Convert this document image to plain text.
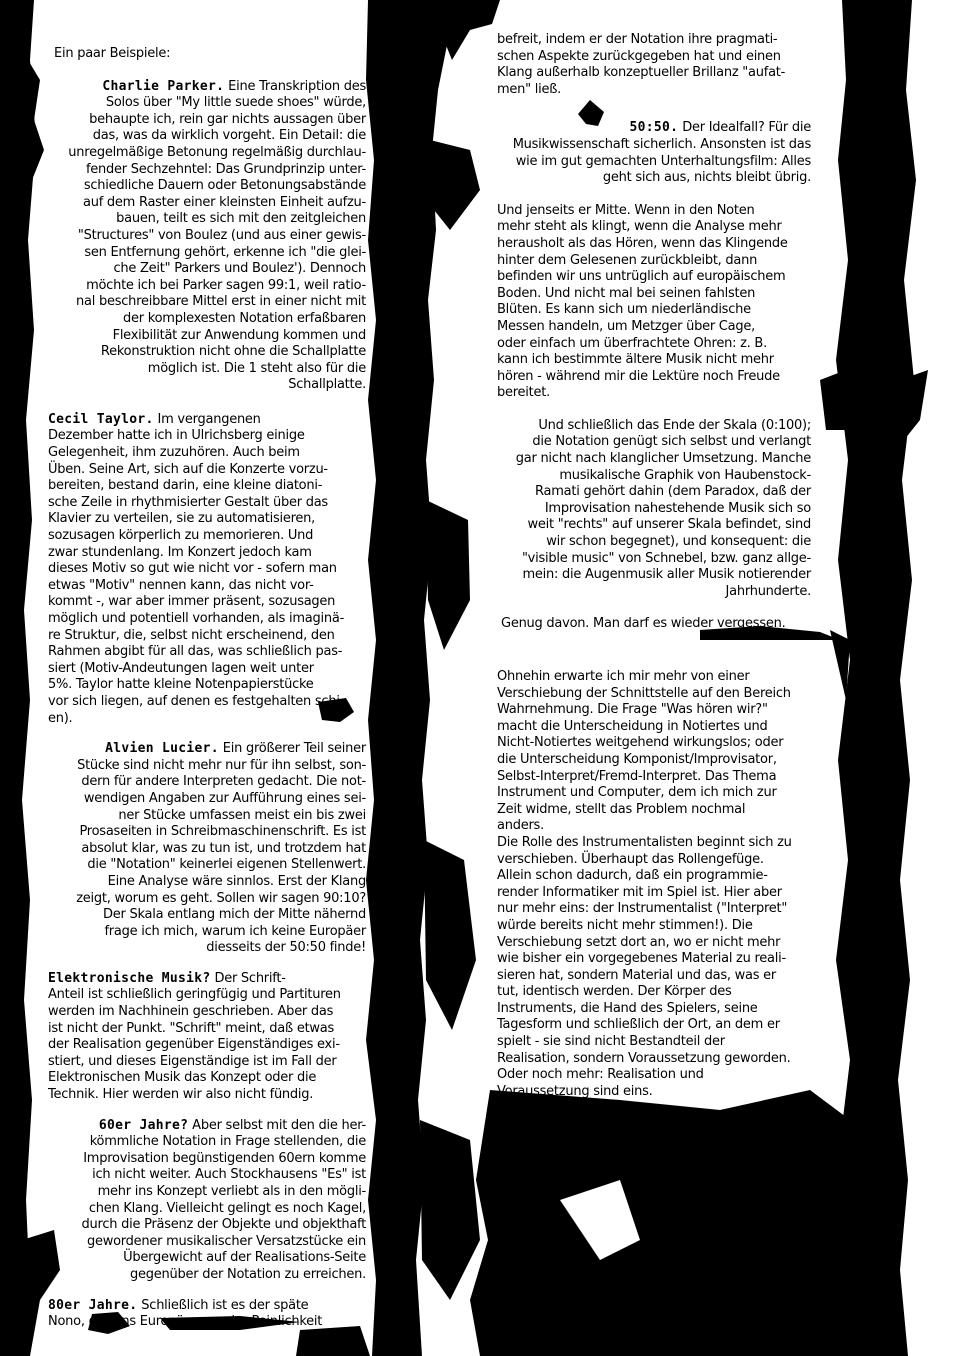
Ein paar Beispiele:

Charlie Parker. Eine Transkription des

Solos über "My little suede shoes" würde,

behaupte ich, rein gar nichts aussagen über

das, was da wirklich vorgeht. Ein Detail: die

unregelmäßige Betonung regelmäßig durchlau-

fender Sechzehntel: Das Grundprinzip unter-

schiedliche Dauern oder Betonungsabstände

auf dem Raster einer kleinsten Einheit aufzu-

bauen, teilt es sich mit den zeitgleichen

"Structures" von Boulez (und aus einer gewis-

sen Entfernung gehört, erkenne ich "die glei-

che Zeit" Parkers und Boulez'). Dennoch

möchte ich bei Parker sagen 99:1, weil ratio-

nal beschreibbare Mittel erst in einer nicht mit

der komplexesten Notation erfaßbaren

Flexibilität zur Anwendung kommen und

Rekonstruktion nicht ohne die Schallplatte

möglich ist. Die 1 steht also für die

Schallplatte.

Cecil Taylor. Im vergangenen

Dezember hatte ich in Ulrichsberg einige

Gelegenheit, ihm zuzuhören. Auch beim

Üben. Seine Art, sich auf die Konzerte vorzu-

bereiten, bestand darin, eine kleine diatoni-

sche Zeile in rhythmisierter Gestalt über das

Klavier zu verteilen, sie zu automatisieren,

sozusagen körperlich zu memorieren. Und

zwar stundenlang. Im Konzert jedoch kam

dieses Motiv so gut wie nicht vor - sofern man

etwas "Motiv" nennen kann, das nicht vor-

kommt -, war aber immer präsent, sozusagen

möglich und potentiell vorhanden, als imaginä-

re Struktur, die, selbst nicht erscheinend, den

Rahmen abgibt für all das, was schließlich pas-

siert (Motiv-Andeutungen lagen weit unter

5%. Taylor hatte kleine Notenpapierstücke

vor sich liegen, auf denen es festgehalten schi-

en).

Alvien Lucier. Ein größerer Teil seiner

Stücke sind nicht mehr nur für ihn selbst, son-

dern für andere Interpreten gedacht. Die not-

wendigen Angaben zur Aufführung eines sei-

ner Stücke umfassen meist ein bis zwei

Prosaseiten in Schreibmaschinenschrift. Es ist

absolut klar, was zu tun ist, und trotzdem hat

die "Notation" keinerlei eigenen Stellenwert.

Eine Analyse wäre sinnlos. Erst der Klang

zeigt, worum es geht. Sollen wir sagen 90:10?

Der Skala entlang mich der Mitte nähernd

frage ich mich, warum ich keine Europäer

diesseits der 50:50 finde!

Elektronische Musik? Der Schrift-

Anteil ist schließlich geringfügig und Partituren

werden im Nachhinein geschrieben. Aber das

ist nicht der Punkt. "Schrift" meint, daß etwas

der Realisation gegenüber Eigenständiges exi-

stiert, und dieses Eigenständige ist im Fall der

Elektronischen Musik das Konzept oder die

Technik. Hier werden wir also nicht fündig.

60er Jahre? Aber selbst mit den die her-

kömmliche Notation in Frage stellenden, die

Improvisation begünstigenden 60ern komme

ich nicht weiter. Auch Stockhausens "Es" ist

mehr ins Konzept verliebt als in den mögli-

chen Klang. Vielleicht gelingt es noch Kagel,

durch die Präsenz der Objekte und objekthaft

gewordener musikalischer Versatzstücke ein

Übergewicht auf der Realisations-Seite

gegenüber der Notation zu erreichen.

80er Jahre. Schließlich ist es der späte

Nono, der uns Europäer aus der Peinlichkeit

befreit, indem er der Notation ihre pragmati-

schen Aspekte zurückgegeben hat und einen

Klang außerhalb konzeptueller Brillanz "aufat-

men" ließ.

50:50. Der Idealfall? Für die

Musikwissenschaft sicherlich. Ansonsten ist das

wie im gut gemachten Unterhaltungsfilm: Alles

geht sich aus, nichts bleibt übrig.

Und jenseits er Mitte. Wenn in den Noten

mehr steht als klingt, wenn die Analyse mehr

herausholt als das Hören, wenn das Klingende

hinter dem Gelesenen zurückbleibt, dann

befinden wir uns untrüglich auf europäischem

Boden. Und nicht mal bei seinen fahlsten

Blüten. Es kann sich um niederländische

Messen handeln, um Metzger über Cage,

oder einfach um überfrachtete Ohren: z. B.

kann ich bestimmte ältere Musik nicht mehr

hören - während mir die Lektüre noch Freude

bereitet.

Und schließlich das Ende der Skala (0:100);

die Notation genügt sich selbst und verlangt

gar nicht nach klanglicher Umsetzung. Manche

musikalische Graphik von Haubenstock-

Ramati gehört dahin (dem Paradox, daß der

Improvisation nahestehende Musik sich so

weit "rechts" auf unserer Skala befindet, sind

wir schon begegnet), und konsequent: die

"visible music" von Schnebel, bzw. ganz allge-

mein: die Augenmusik aller Musik notierender

Jahrhunderte.

Genug davon. Man darf es wieder vergessen.

Ohnehin erwarte ich mir mehr von einer

Verschiebung der Schnittstelle auf den Bereich

Wahrnehmung. Die Frage "Was hören wir?"

macht die Unterscheidung in Notiertes und

Nicht-Notiertes weitgehend wirkungslos; oder

die Unterscheidung Komponist/Improvisator,

Selbst-Interpret/Fremd-Interpret. Das Thema

Instrument und Computer, dem ich mich zur

Zeit widme, stellt das Problem nochmal

anders.

Die Rolle des Instrumentalisten beginnt sich zu

verschieben. Überhaupt das Rollengefüge.

Allein schon dadurch, daß ein programmie-

render Informatiker mit im Spiel ist. Hier aber

nur mehr eins: der Instrumentalist ("Interpret"

würde bereits nicht mehr stimmen!). Die

Verschiebung setzt dort an, wo er nicht mehr

wie bisher ein vorgegebenes Material zu reali-

sieren hat, sondern Material und das, was er

tut, identisch werden. Der Körper des

Instruments, die Hand des Spielers, seine

Tagesform und schließlich der Ort, an dem er

spielt - sie sind nicht Bestandteil der

Realisation, sondern Voraussetzung geworden.

Oder noch mehr: Realisation und

Voraussetzung sind eins.
